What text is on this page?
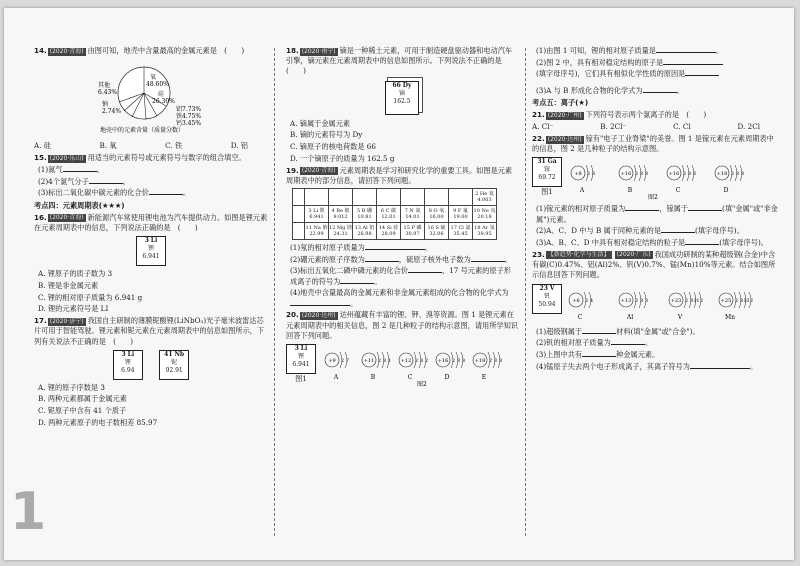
1
14. (2020·青海) 由图可知，地壳中含量最高的金属元素是　(　　)
氧
48.60%
硅
26.30%
其他
6.43%
钠
2.74%	铝7.73%
铁4.75%
钙3.45%
地壳中的元素含量（质量分数）
A. 硅	B. 氧	C. 铁	D. 铝
15. (2020·乐山) 用适当的元素符号或元素符号与数字的组合填空。
(1)氮气	。
(2)4个氯气分子	。
(3)标出二氧化碳中碳元素的化合价	。
考点四：元素周期表(★★★)
16. (2020·青海) 新能源汽车常使用锂电池为汽车提供动力。如图是锂元素在元素周期表中的信息，下列说法正确的是　(　　)
3 Li
锂
6.941
A. 锂原子的质子数为 3
B. 锂是非金属元素
C. 锂的相对原子质量为 6.941 g
D. 锂的元素符号是 LI
17. (2020·济宁) 我国自主研制的薄膜铌酸锂(LiNbO₃)光子毫米波雷达芯片可用于智能驾驶。锂元素和铌元素在元素周期表中的信息如图所示，下列有关说法不正确的是　(　　)
3 Li
锂
6.94

41 Nb
铌
92.91
A. 锂的原子序数是 3
B. 两种元素都属于金属元素
C. 铌原子中含有 41 个质子
D. 两种元素原子的电子数相差 85.97
18. (2020·南宁) 镝是一种稀土元素，可用于制造硬盘驱动器和电动汽车引擎，镝元素在元素周期表中的信息如图所示。下列说法不正确的是　(　　)
66 Dy
镝
162.5
A. 镝属于金属元素
B. 镝的元素符号为 Dy
C. 镝原子的核电荷数是 66
D. 一个镝原子的质量为 162.5 g
19. (2020·青海) 元素周期表是学习和研究化学的重要工具。如图是元素周期表中的部分信息，请回答下列问题。
								2 He 氦 4.003
	3 Li 锂 6.941	4 Be 铍 9.012	5 B 硼 10.81	6 C 碳 12.01	7 N 氮 14.01	8 O 氧 16.00	9 F 氟 19.00	10 Ne 氖 20.18
	11 Na 钠 22.99	12 Mg 镁 24.31	13 Al 铝 26.98	14 Si 硅 28.09	15 P 磷 30.97	16 S 硫 32.06	17 Cl 氯 35.45	18 Ar 氩 39.95
(1)氖的相对原子质量为	。
(2)硼元素的原子序数为	，硫原子核外电子数为	。
(3)标出五氧化二磷中磷元素的化合价	，17 号元素的原子形成离子的符号为	。
(4)地壳中含量最高的金属元素和非金属元素组成的化合物的化学式为。
20. (2020·达州) 达州蕴藏有丰富的锂、钾、溴等资源。图 1 是锂元素在元素周期表中的相关信息，图 2 是几种粒子的结构示意图，请用所学知识回答下列问题。
3 Li
锂
6.941
图1
+9 2 7
A
+11 2 8 1
B
+12 2 8 2
C
+16 2 8 8
D
+18 2 8 8
E
图2
(1)由图 1 可知，锂的相对原子质量是	。
(2)图 2 中，具有相对稳定结构的原子是
(填字母序号)，它们具有相似化学性质的原因是
(3)A 与 B 形成化合物的化学式为	。
考点五：离子(★)
21. (2020·广州) 下列符号表示两个氯离子的是　(　　)
A. Cl⁻	B. 2Cl⁻	C. Cl	D. 2Cl
22. (2020·达州) 镓有"电子工业脊梁"的美誉。图 1 是镓元素在元素周期表中的信息，图 2 是几种粒子的结构示意图。
31 Ga
镓
69.72
图1
+8 2 6
A
+16 2 8 8
B
+16 2 8 6
C
+18 2 8 8
D
图2
(1)镓元素的相对原子质量为	，镓属于	(填"金属"或"非金属")元素。
(2)A、C、D 中与 B 属于同种元素的是	(填字母序号)。
(3)A、B、C、D 中具有相对稳定结构的粒子是	(填字母序号)。
23. 【新趋势·化学与生活】 (2020·广东) 我国成功研制的某种超级钢(合金)中含有碳(C)0.47%、铝(Al)2%、钒(V)0.7%、锰(Mn)10%等元素。结合如图所示信息回答下列问题。
23 V
钒
50.94	+6 2 4
C
+13 2 8 3
Al
+23 2 8 11 2
V
+25 2 8 13 2
Mn
(1)超级钢属于	材料(填"金属"或"合金")。
(2)钒的相对原子质量为	。
(3)上图中共有	种金属元素。
(4)锰原子失去两个电子形成离子，其离子符号为	。
